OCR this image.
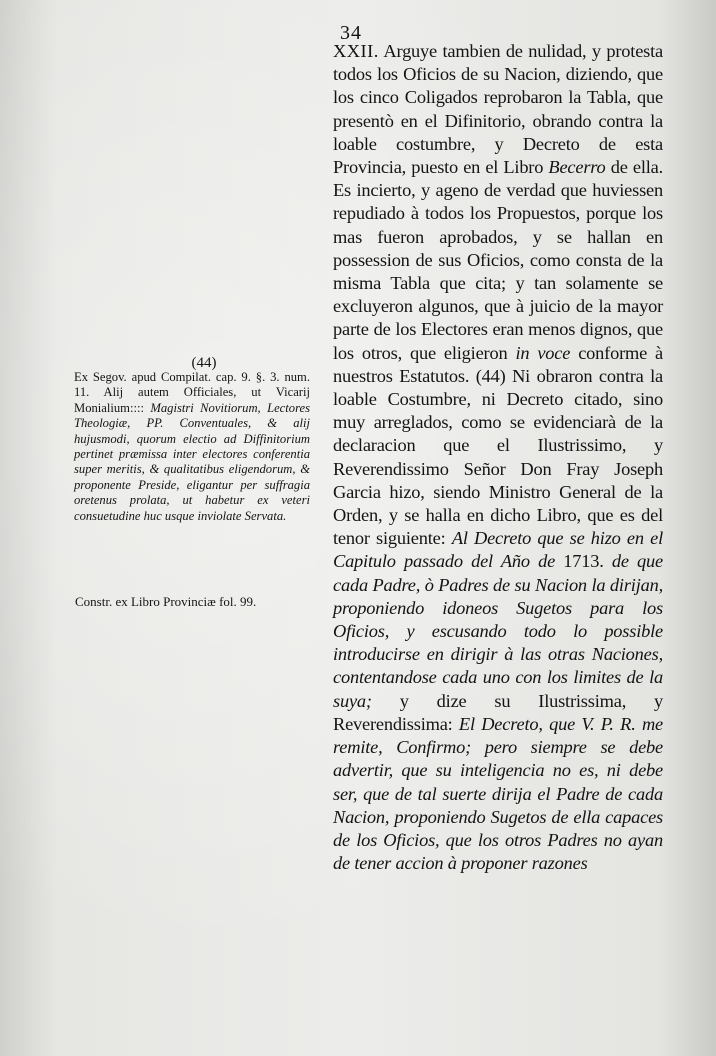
34

XXII. Arguye tambien de nulidad, y protesta todos los Oficios de su Nacion, diziendo, que los cinco Coligados reprobaron la Tabla, que presentò en el Difinitorio, obrando contra la loable costumbre, y Decreto de esta Provincia, puesto en el Libro Becerro de ella. Es incierto, y ageno de verdad que huviessen repudiado à todos los Propuestos, porque los mas fueron aprobados, y se hallan en possession de sus Oficios, como consta de la misma Tabla que cita; y tan solamente se excluyeron algunos, que à juicio de la mayor parte de los Electores eran menos dignos, que los otros, que eligieron in voce conforme à nuestros Estatutos. (44) Ni obraron contra la loable Costumbre, ni Decreto citado, sino muy arreglados, como se evidenciarà de la declaracion que el Ilustrissimo, y Reverendissimo Señor Don Fray Joseph Garcia hizo, siendo Ministro General de la Orden, y se halla en dicho Libro, que es del tenor siguiente: Al Decreto que se hizo en el Capitulo passado del Año de 1713. de que cada Padre, ò Padres de su Nacion la dirijan, proponiendo idoneos Sugetos para los Oficios, y escusando todo lo possible introducirse en dirigir à las otras Naciones, contentandose cada uno con los limites de la suya; y dize su Ilustrissima, y Reverendissima: El Decreto, que V. P. R. me remite, Confirmo; pero siempre se debe advertir, que su inteligencia no es, ni debe ser, que de tal suerte dirija el Padre de cada Nacion, proponiendo Sugetos de ella capaces de los Oficios, que los otros Padres no ayan de tener accion à proponer razones

(44)
Ex Segov. apud Compilat. cap. 9. §. 3. num. 11. Alij autem Officiales, ut Vicarij Monialium:::: Magistri Novitiorum, Lectores Theologiæ, PP. Conventuales, & alij hujusmodi, quorum electio ad Diffinitorium pertinet præmissa inter electores conferentia super meritis, & qualitatibus eligendorum, & proponente Preside, eligantur per suffragia oretenus prolata, ut habetur ex veteri consuetudine huc usque inviolate Servata.
Constr. ex Libro Provinciæ fol. 99.
